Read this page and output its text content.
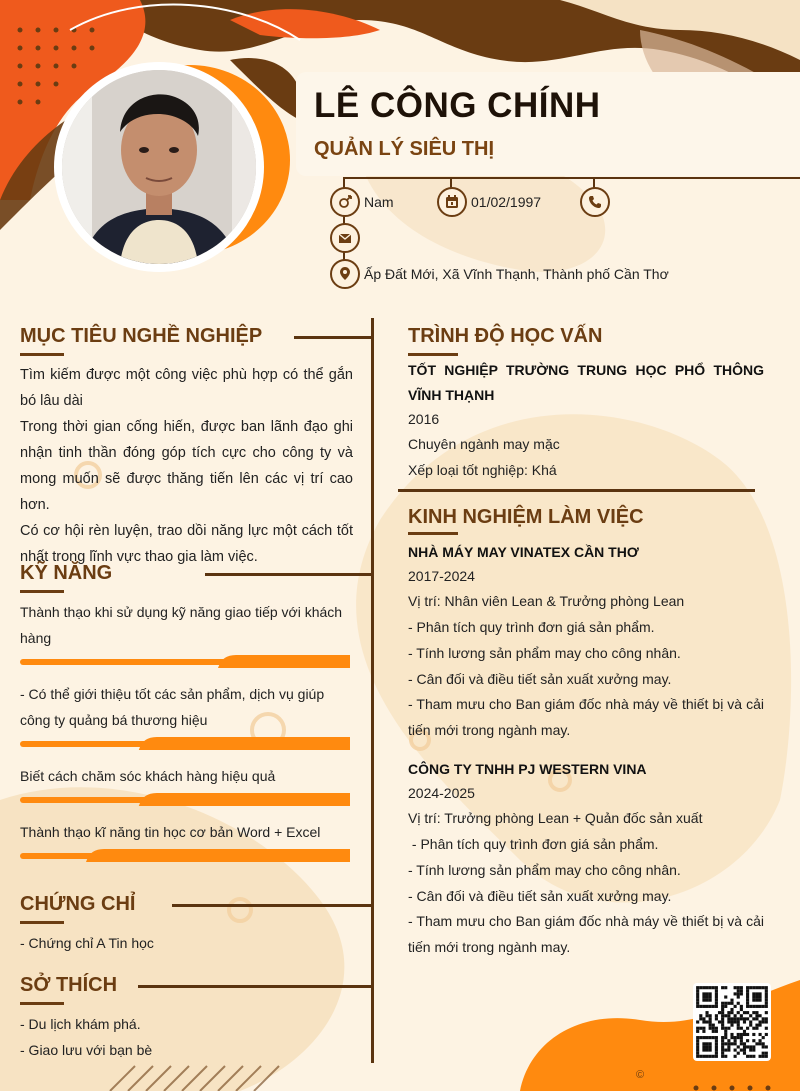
LÊ CÔNG CHÍNH
QUẢN LÝ SIÊU THỊ
Nam	01/02/1997
Ấp Đất Mới, Xã Vĩnh Thạnh, Thành phố Cần Thơ
MỤC TIÊU NGHỀ NGHIỆP
Tìm kiếm được một công việc phù hợp có thể gắn bó lâu dài
Trong thời gian cống hiến, được ban lãnh đạo ghi nhận tinh thần đóng góp tích cực cho công ty và mong muốn sẽ được thăng tiến lên các vị trí cao hơn.
Có cơ hội rèn luyện, trao dồi năng lực một cách tốt nhất trong lĩnh vực thao gia làm việc.
KỸ NĂNG
Thành thạo khi sử dụng kỹ năng giao tiếp với khách hàng
- Có thể giới thiệu tốt các sản phẩm, dịch vụ giúp công ty quảng bá thương hiệu
Biết cách chăm sóc khách hàng hiệu quả
Thành thạo kĩ năng tin học cơ bản Word + Excel
CHỨNG CHỈ
- Chứng chỉ A Tin học
SỞ THÍCH
- Du lịch khám phá.
- Giao lưu với bạn bè
TRÌNH ĐỘ HỌC VẤN
TỐT NGHIỆP TRƯỜNG TRUNG HỌC PHỔ THÔNG VĨNH THẠNH
2016
Chuyên ngành may mặc
Xếp loại tốt nghiệp: Khá
KINH NGHIỆM LÀM VIỆC
NHÀ MÁY MAY VINATEX CẦN THƠ
2017-2024
Vị trí: Nhân viên Lean & Trưởng phòng Lean
- Phân tích quy trình đơn giá sản phẩm.
- Tính lương sản phẩm may cho công nhân.
- Cân đối và điều tiết sản xuất xưởng may.
- Tham mưu cho Ban giám đốc nhà máy về thiết bị và cải tiến mới trong ngành may.
CÔNG TY TNHH PJ WESTERN VINA
2024-2025
Vị trí: Trưởng phòng Lean + Quản đốc sản xuất
- Phân tích quy trình đơn giá sản phẩm.
- Tính lương sản phẩm may cho công nhân.
- Cân đối và điều tiết sản xuất xưởng may.
- Tham mưu cho Ban giám đốc nhà máy về thiết bị và cải tiến mới trong ngành may.
©
